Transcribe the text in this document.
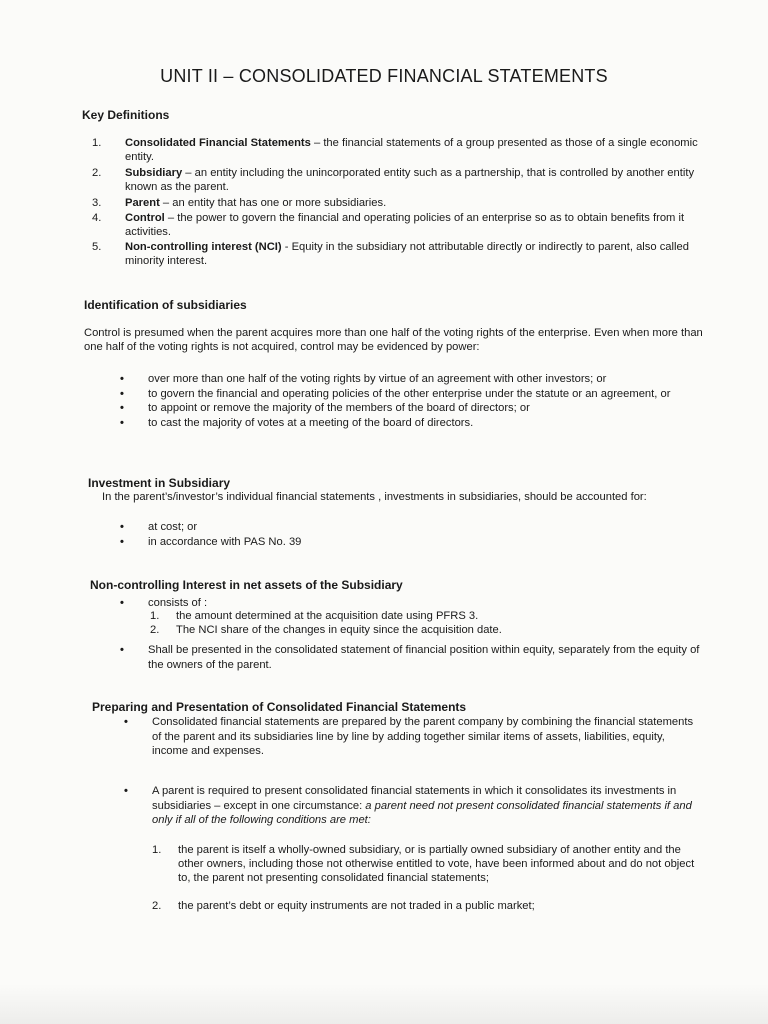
UNIT II – CONSOLIDATED FINANCIAL STATEMENTS
Key Definitions
1. Consolidated Financial Statements – the financial statements of a group presented as those of a single economic entity.
2. Subsidiary – an entity including the unincorporated entity such as a partnership, that is controlled by another entity known as the parent.
3. Parent – an entity that has one or more subsidiaries.
4. Control – the power to govern the financial and operating policies of an enterprise so as to obtain benefits from it activities.
5. Non-controlling interest (NCI) - Equity in the subsidiary not attributable directly or indirectly to parent, also called minority interest.
Identification of subsidiaries
Control is presumed when the parent acquires more than one half of the voting rights of the enterprise. Even when more than one half of the voting rights is not acquired, control may be evidenced by power:
• over more than one half of the voting rights by virtue of an agreement with other investors; or
• to govern the financial and operating policies of the other enterprise under the statute or an agreement, or
• to appoint or remove the majority of the members of the board of directors; or
• to cast the majority of votes at a meeting of the board of directors.
Investment in Subsidiary
In the parent’s/investor’s individual financial statements , investments in subsidiaries, should be accounted for:
• at cost; or
• in accordance with PAS No. 39
Non-controlling Interest in net assets of the Subsidiary
• consists of :
1. the amount determined at the acquisition date using PFRS 3.
2. The NCI share of the changes in equity since the acquisition date.
• Shall be presented in the consolidated statement of financial position within equity, separately from the equity of the owners of the parent.
Preparing and Presentation of Consolidated Financial Statements
• Consolidated financial statements are prepared by the parent company by combining the financial statements of the parent and its subsidiaries line by line by adding together similar items of assets, liabilities, equity, income and expenses.
• A parent is required to present consolidated financial statements in which it consolidates its investments in subsidiaries – except in one circumstance: a parent need not present consolidated financial statements if and only if all of the following conditions are met:
1. the parent is itself a wholly-owned subsidiary, or is partially owned subsidiary of another entity and the other owners, including those not otherwise entitled to vote, have been informed about and do not object to, the parent not presenting consolidated financial statements;
2. the parent’s debt or equity instruments are not traded in a public market;
